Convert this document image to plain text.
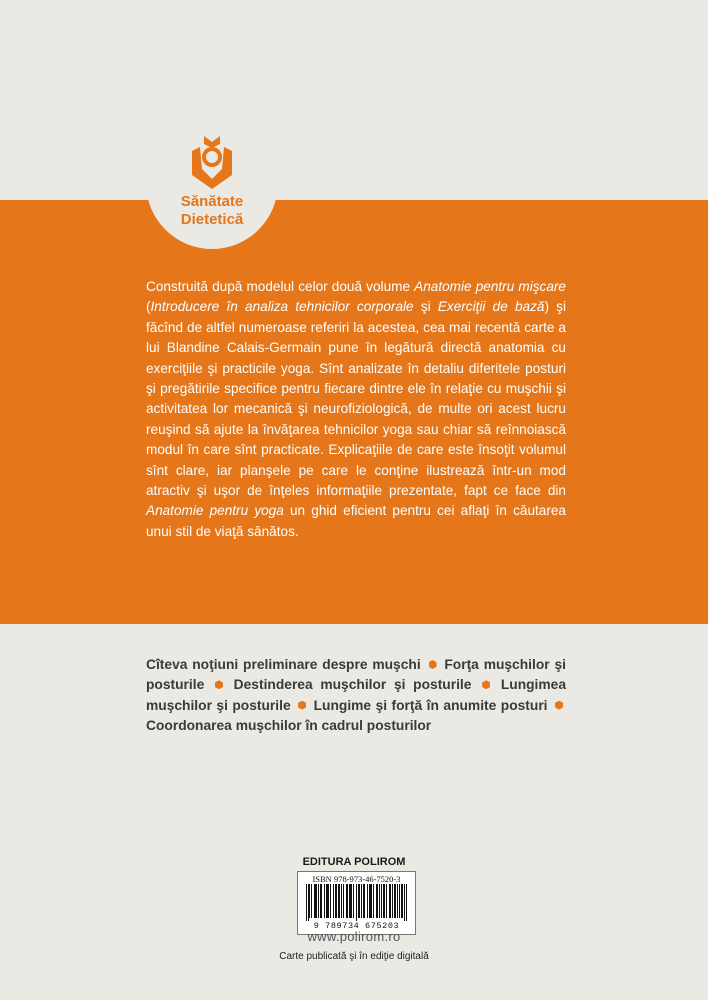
Sănătate
Dietetică

Construită după modelul celor două volume Anatomie pentru mişcare (Introducere în analiza tehnicilor corporale şi Exerciţii de bază) şi făcînd de altfel numeroase referiri la acestea, cea mai recentă carte a lui Blandine Calais-Germain pune în legătură directă anatomia cu exerciţiile şi practicile yoga. Sînt analizate în detaliu diferitele posturi şi pregătirile specifice pentru fiecare dintre ele în relaţie cu muşchii şi activitatea lor mecanică şi neurofiziologică, de multe ori acest lucru reuşind să ajute la învăţarea tehnicilor yoga sau chiar să reînnoiască modul în care sînt practicate. Explicaţiile de care este însoţit volumul sînt clare, iar planşele pe care le conţine ilustrează într-un mod atractiv şi uşor de înţeles informaţiile prezentate, fapt ce face din Anatomie pentru yoga un ghid eficient pentru cei aflaţi în căutarea unui stil de viaţă sănătos.

Cîteva noţiuni preliminare despre muşchi Forţa muşchilor şi posturile Destinderea muşchilor şi posturile Lungimea muşchilor şi posturile Lungime şi forţă în anumite posturi  Coordonarea muşchilor în cadrul posturilor

EDITURA POLIROM
ISBN 978-973-46-7520-3
9 789734 675203
www.polirom.ro
Carte publicată şi în ediţie digitală
